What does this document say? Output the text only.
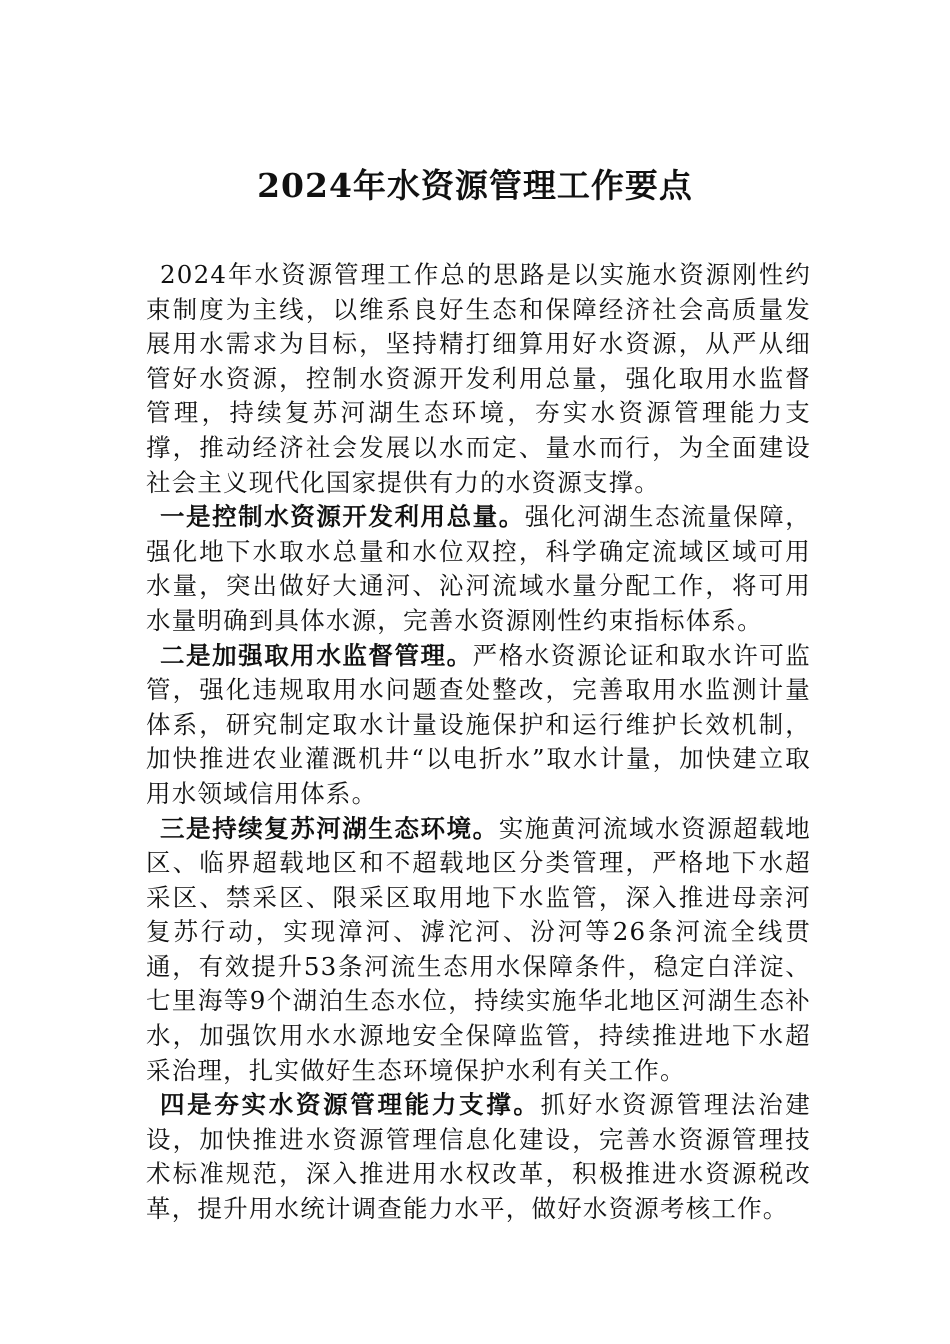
2024年水资源管理工作要点

2024年水资源管理工作总的思路是以实施水资源刚性约束制度为主线，以维系良好生态和保障经济社会高质量发展用水需求为目标，坚持精打细算用好水资源，从严从细管好水资源，控制水资源开发利用总量，强化取用水监督管理，持续复苏河湖生态环境，夯实水资源管理能力支撑，推动经济社会发展以水而定、量水而行，为全面建设社会主义现代化国家提供有力的水资源支撑。

一是控制水资源开发利用总量。强化河湖生态流量保障，强化地下水取水总量和水位双控，科学确定流域区域可用水量，突出做好大通河、沁河流域水量分配工作，将可用水量明确到具体水源，完善水资源刚性约束指标体系。

二是加强取用水监督管理。严格水资源论证和取水许可监管，强化违规取用水问题查处整改，完善取用水监测计量体系，研究制定取水计量设施保护和运行维护长效机制，加快推进农业灌溉机井“以电折水”取水计量，加快建立取用水领域信用体系。

三是持续复苏河湖生态环境。实施黄河流域水资源超载地区、临界超载地区和不超载地区分类管理，严格地下水超采区、禁采区、限采区取用地下水监管，深入推进母亲河复苏行动，实现漳河、滹沱河、汾河等26条河流全线贯通，有效提升53条河流生态用水保障条件，稳定白洋淀、七里海等9个湖泊生态水位，持续实施华北地区河湖生态补水，加强饮用水水源地安全保障监管，持续推进地下水超采治理，扎实做好生态环境保护水利有关工作。

四是夯实水资源管理能力支撑。抓好水资源管理法治建设，加快推进水资源管理信息化建设，完善水资源管理技术标准规范，深入推进用水权改革，积极推进水资源税改革，提升用水统计调查能力水平，做好水资源考核工作。
